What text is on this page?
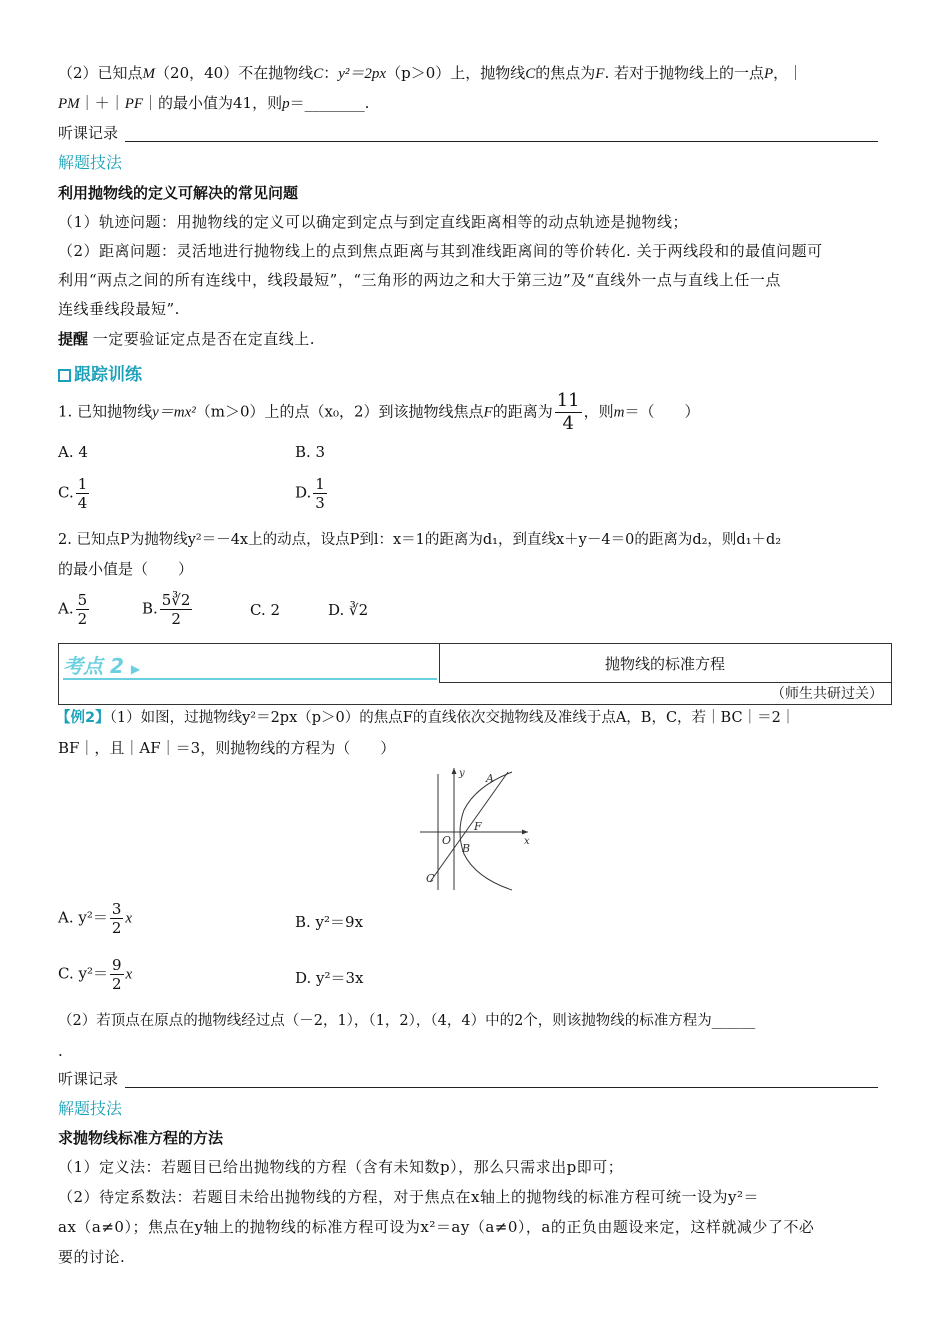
（2）已知点M（20，40）不在抛物线C：y²＝2px（p＞0）上，抛物线C的焦点为F. 若对于抛物线上的一点P，｜
PM｜＋｜PF｜的最小值为41，则p＝________.
听课记录
解题技法
利用抛物线的定义可解决的常见问题
（1）轨迹问题：用抛物线的定义可以确定到定点与到定直线距离相等的动点轨迹是抛物线；
（2）距离问题：灵活地进行抛物线上的点到焦点距离与其到准线距离间的等价转化. 关于两线段和的最值问题可
利用“两点之间的所有连线中，线段最短”，“三角形的两边之和大于第三边”及“直线外一点与直线上任一点
连线垂线段最短”.
提醒 一定要验证定点是否在定直线上.
跟踪训练
1. 已知抛物线y＝mx²（m＞0）上的点（x₀，2）到该抛物线焦点F的距离为 $\frac{11}{4}$ ，则m＝（　　）
A. 4	B. 3
C. $\frac{1}{4}$	D. $\frac{1}{3}$
2. 已知点P为抛物线y²＝－4x上的动点，设点P到l：x＝1的距离为d₁，到直线x＋y－4＝0的距离为d₂，则d₁＋d₂
的最小值是（　　）
A. $\frac{5}{2}$	B. $\frac{5∛2}{2}$	C. 2	D. ∛2
考点 2 ▶	抛物线的标准方程
（师生共研过关）
【例2】（1）如图，过抛物线y²＝2px（p＞0）的焦点F的直线依次交抛物线及准线于点A，B，C，若｜BC｜＝2｜
BF｜，且｜AF｜＝3，则抛物线的方程为（　　）
y
x
A
O
F
B
C
A. $y^2= \frac{3}{2}$ x	B. y²＝9x
C. $y^2= \frac{9}{2}$ x	D. y²＝3x
（2）若顶点在原点的抛物线经过点（－2，1），（1，2），（4，4）中的2个，则该抛物线的标准方程为______
.
听课记录
解题技法
求抛物线标准方程的方法
（1）定义法：若题目已给出抛物线的方程（含有未知数p），那么只需求出p即可；
（2）待定系数法：若题目未给出抛物线的方程，对于焦点在x轴上的抛物线的标准方程可统一设为y²＝
ax（a≠0）；焦点在y轴上的抛物线的标准方程可设为x²＝ay（a≠0），a的正负由题设来定，这样就减少了不必
要的讨论.
